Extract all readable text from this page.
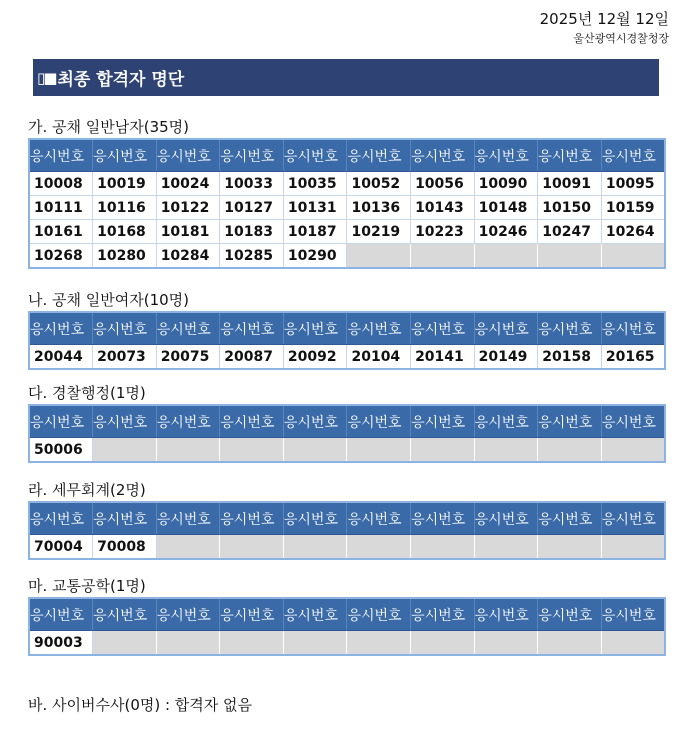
2025년 12월 12일
울산광역시경찰청장
▯■ 최종 합격자 명단
가. 공채 일반남자(35명)
응시번호	응시번호	응시번호	응시번호	응시번호	응시번호	응시번호	응시번호	응시번호	응시번호
10008	10019	10024	10033	10035	10052	10056	10090	10091	10095
10111	10116	10122	10127	10131	10136	10143	10148	10150	10159
10161	10168	10181	10183	10187	10219	10223	10246	10247	10264
10268	10280	10284	10285	10290					
나. 공채 일반여자(10명)
응시번호	응시번호	응시번호	응시번호	응시번호	응시번호	응시번호	응시번호	응시번호	응시번호
20044	20073	20075	20087	20092	20104	20141	20149	20158	20165
다. 경찰행정(1명)
응시번호	응시번호	응시번호	응시번호	응시번호	응시번호	응시번호	응시번호	응시번호	응시번호
50006									
라. 세무회계(2명)
응시번호	응시번호	응시번호	응시번호	응시번호	응시번호	응시번호	응시번호	응시번호	응시번호
70004	70008								
마. 교통공학(1명)
응시번호	응시번호	응시번호	응시번호	응시번호	응시번호	응시번호	응시번호	응시번호	응시번호
90003									
바. 사이버수사(0명) : 합격자 없음
